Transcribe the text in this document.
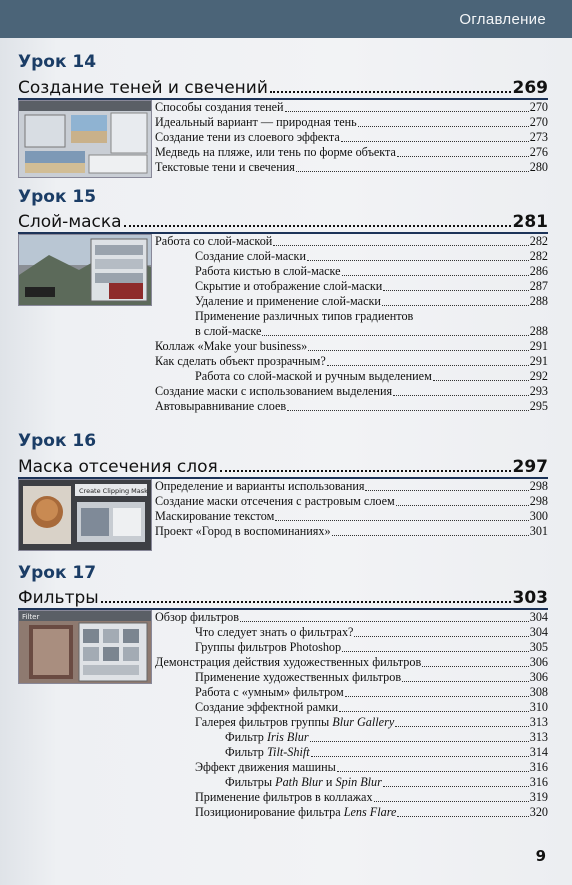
Оглавление
Урок 14
Создание теней и свечений	269
Способы создания теней	270
Идеальный вариант — природная тень	270
Создание тени из слоевого эффекта	273
Медведь на пляже, или тень по форме объекта	276
Текстовые тени и свечения	280
Урок 15
Слой-маска	281
Работа со слой-маской	282
Создание слой-маски	282
Работа кистью в слой-маске	286
Скрытие и отображение слой-маски	287
Удаление и применение слой-маски	288
Применение различных типов градиентов
в слой-маске	288
Коллаж «Make your business»	291
Как сделать объект прозрачным?	291
Работа со слой-маской и ручным выделением	292
Создание маски с использованием выделения	293
Автовыравнивание слоев	295
Урок 16
Маска отсечения слоя	297
Create Clipping Mask Определение и варианты использования	298
Создание маски отсечения с растровым слоем	298
Маскирование текстом	300
Проект «Город в воспоминаниях»	301
Урок 17
Фильтры	303
Filter	Обзор фильтров	304
Что следует знать о фильтрах?	304
Группы фильтров Photoshop	305
Демонстрация действия художественных фильтров	306
Применение художественных фильтров	306
Работа с «умным» фильтром	308
Создание эффектной рамки	310
Галерея фильтров группы Blur Gallery	313
Фильтр Iris Blur	313
Фильтр Tilt-Shift	314
Эффект движения машины	316
Фильтры Path Blur и Spin Blur	316
Применение фильтров в коллажах	319
Позиционирование фильтра Lens Flare	320
9
